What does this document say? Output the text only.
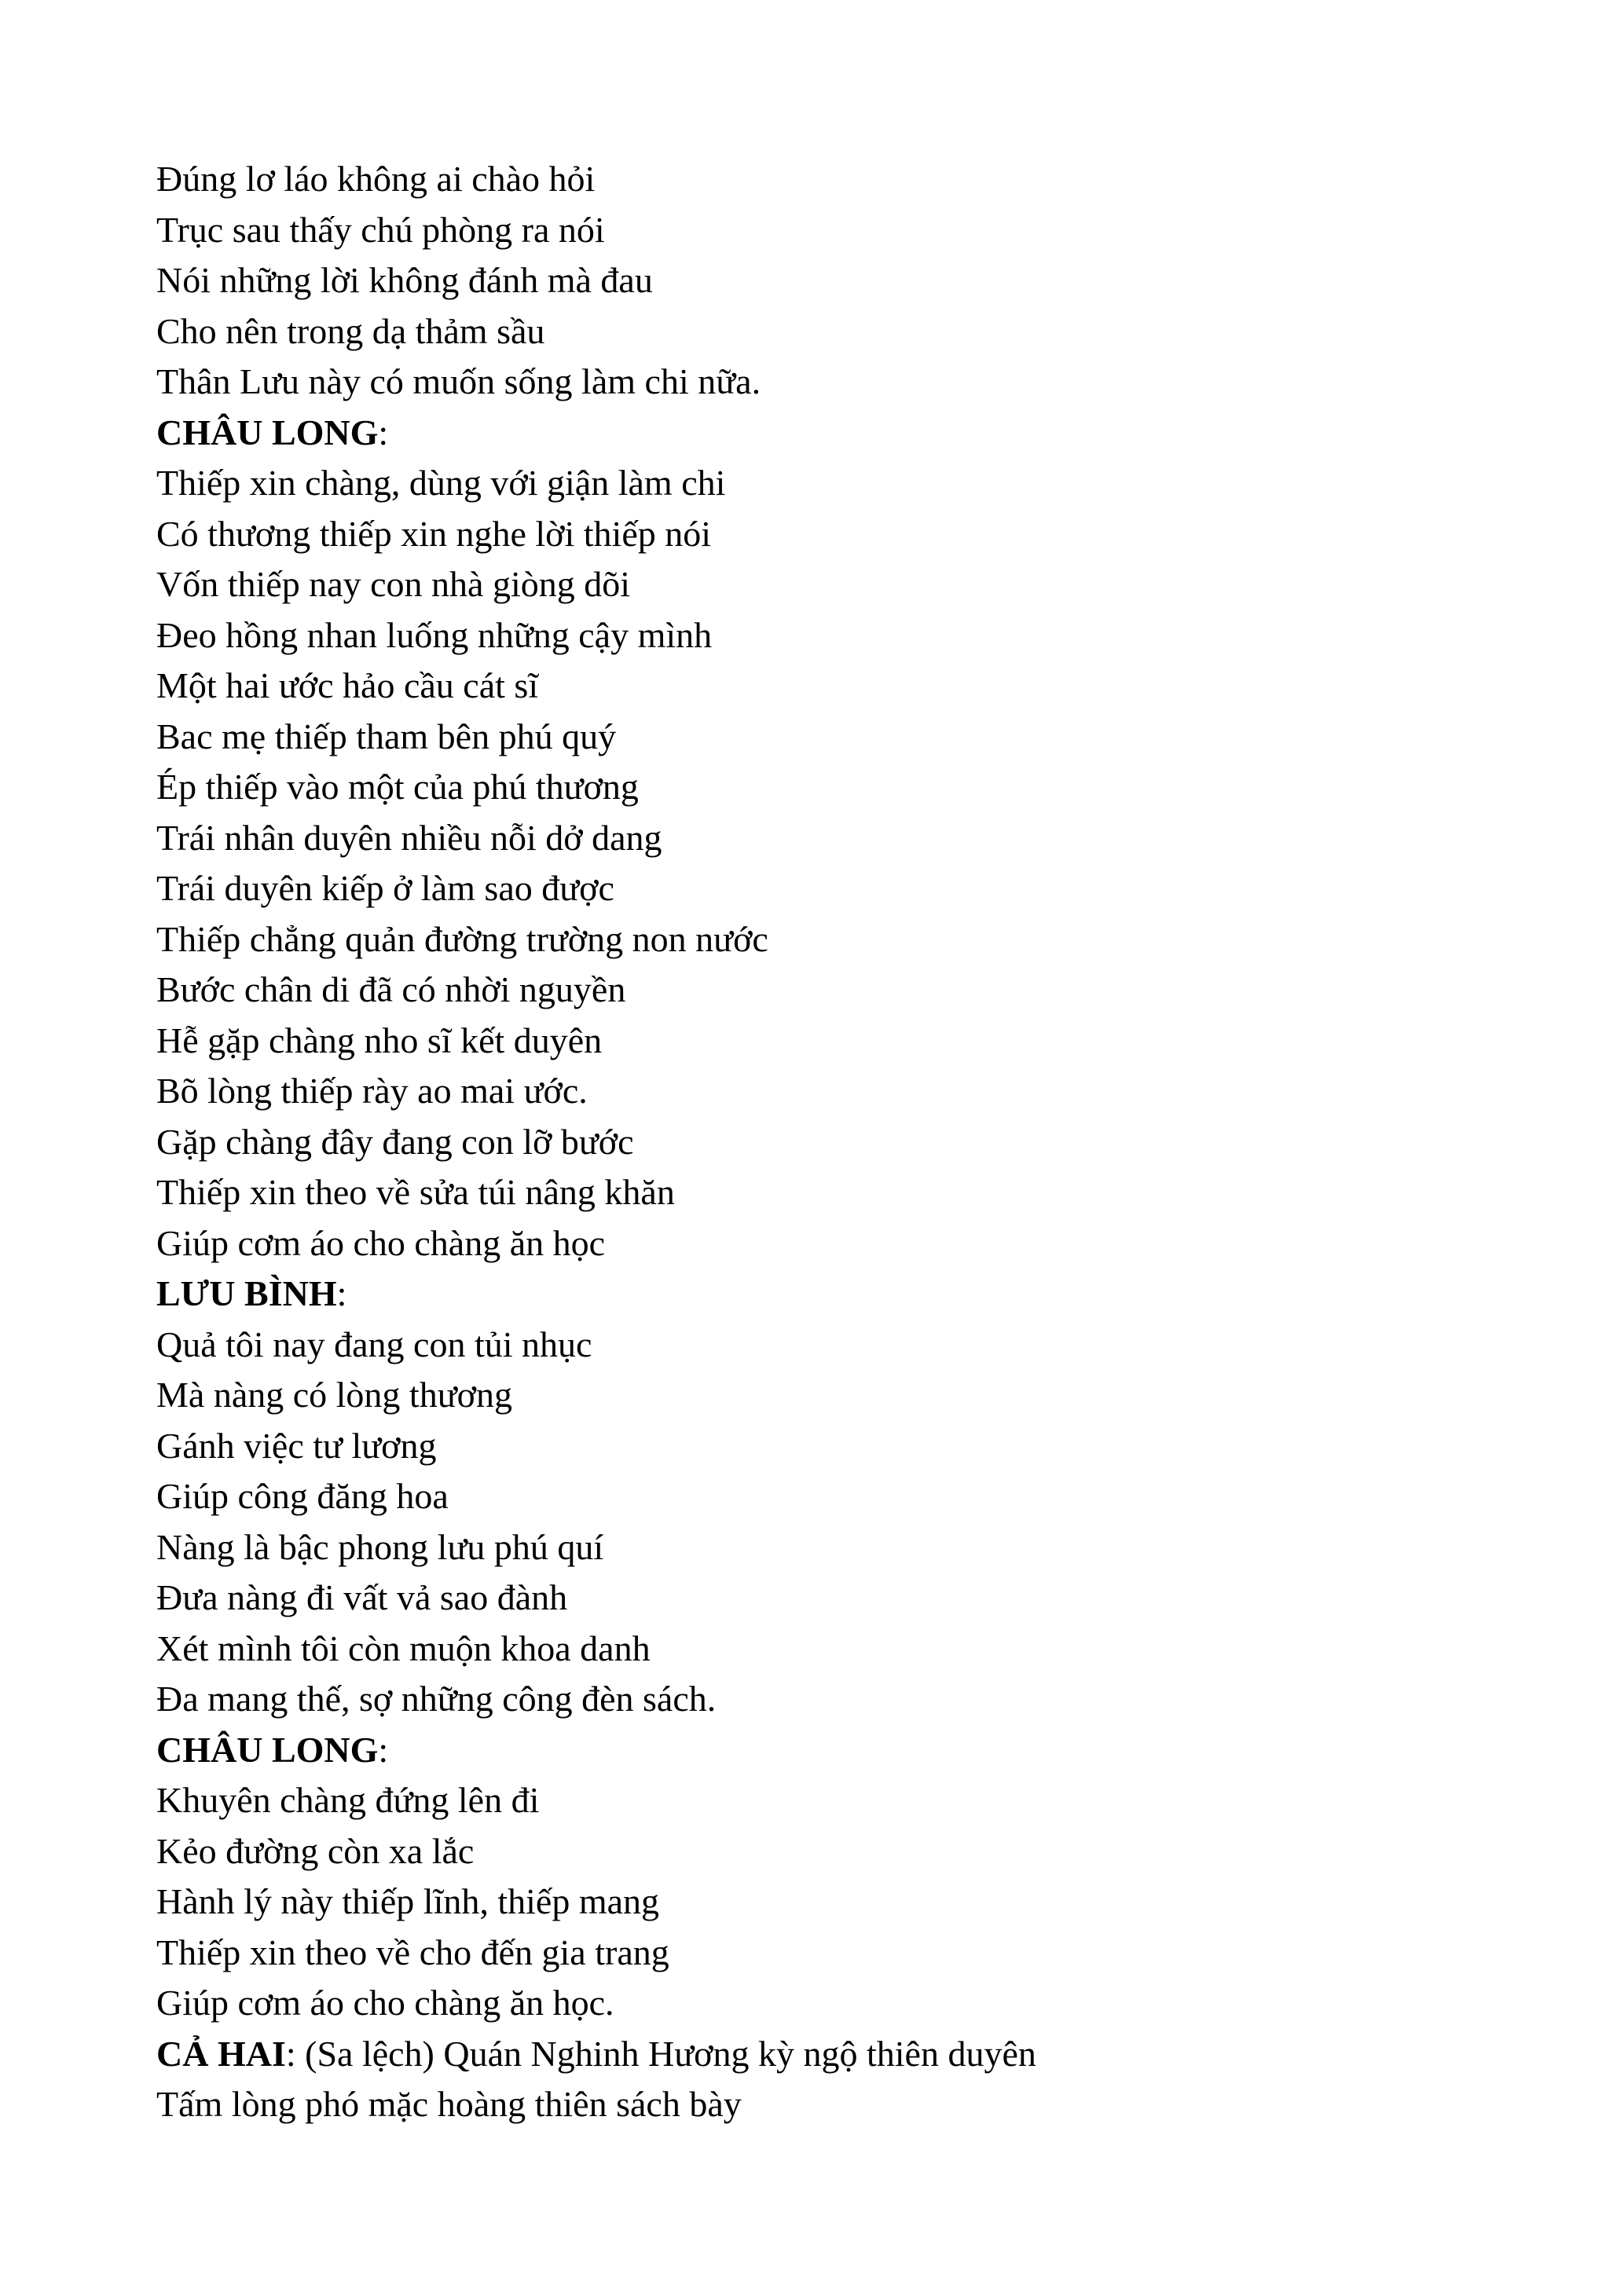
Đúng lơ láo không ai chào hỏi
Trục sau thấy chú phòng ra nói
Nói những lời không đánh mà đau
Cho nên trong dạ thảm sầu
Thân Lưu này có muốn sống làm chi nữa.
CHÂU LONG:
Thiếp xin chàng, dùng với giận làm chi
Có thương thiếp xin nghe lời thiếp nói
Vốn thiếp nay con nhà giòng dõi
Đeo hồng nhan luống những cậy mình
Một hai ước hảo cầu cát sĩ
Bac mẹ thiếp tham bên phú quý
Ép thiếp vào một của phú thương
Trái nhân duyên nhiều nỗi dở dang
Trái duyên kiếp ở làm sao được
Thiếp chẳng quản đường trường non nước
Bước chân di đã có nhời nguyền
Hễ gặp chàng nho sĩ kết duyên
Bõ lòng thiếp rày ao mai ước.
Gặp chàng đây đang con lỡ bước
Thiếp xin theo về sửa túi nâng khăn
Giúp cơm áo cho chàng ăn học
LƯU BÌNH:
Quả tôi nay đang con tủi nhục
Mà nàng có lòng thương
Gánh việc tư lương
Giúp công đăng hoa
Nàng là bậc phong lưu phú quí
Đưa nàng đi vất vả sao đành
Xét mình tôi còn muộn khoa danh
Đa mang thế, sợ những công đèn sách.
CHÂU LONG:
Khuyên chàng đứng lên đi
Kẻo đường còn xa lắc
Hành lý này thiếp lĩnh, thiếp mang
Thiếp xin theo về cho đến gia trang
Giúp cơm áo cho chàng ăn học.
CẢ HAI: (Sa lệch) Quán Nghinh Hương kỳ ngộ thiên duyên
Tấm lòng phó mặc hoàng thiên sách bày
